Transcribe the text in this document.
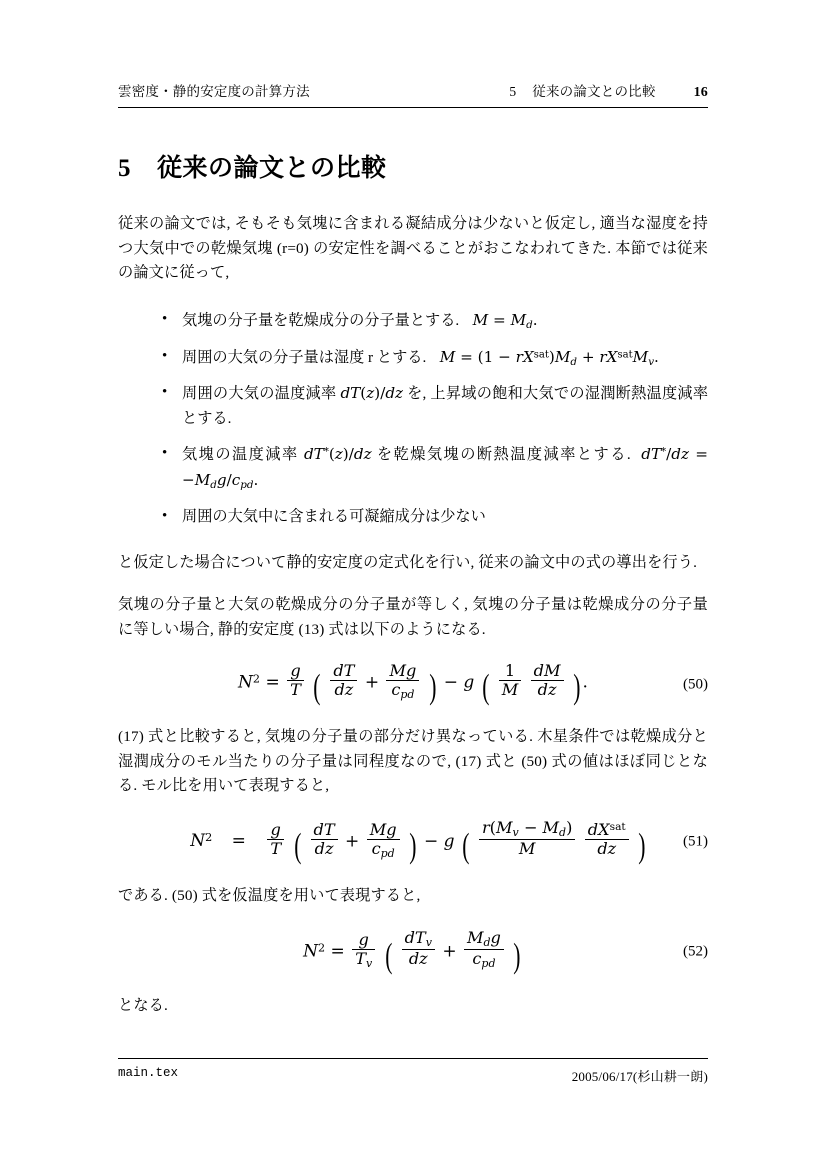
雲密度・静的安定度の計算方法	5 従来の論文との比較	16
5 従来の論文との比較

従来の論文では, そもそも気塊に含まれる凝結成分は少ないと仮定し, 適当な湿度を持つ大気中での乾燥気塊 (r=0) の安定性を調べることがおこなわれてきた. 本節では従来の論文に従って,

• 気塊の分子量を乾燥成分の分子量とする. $M = M_d$.
• 周囲の大気の分子量は湿度 r とする. $M = (1 - rX^{sat})M_d + rX^{sat}M_v$.
• 周囲の大気の温度減率 dT(z)/dz を, 上昇域の飽和大気での湿潤断熱温度減率とする.
• 気塊の温度減率 dT*(z)/dz を乾燥気塊の断熱温度減率とする.  $dT^*/dz = -M_dg/c_{pd}$.
• 周囲の大気中に含まれる可凝縮成分は少ない

と仮定した場合について静的安定度の定式化を行い, 従来の論文中の式の導出を行う.

気塊の分子量と大気の乾燥成分の分子量が等しく, 気塊の分子量は乾燥成分の分子量に等しい場合, 静的安定度 (13) 式は以下のようになる.

$N^2 = \frac{g}{T}$ ( $\frac{dT}{dz} + \frac{Mg}{c_{pd}}$ ) − g ( $\frac{1}{M}$
$\frac{dM}{dz}$ ) .	(50)

(17) 式と比較すると, 気塊の分子量の部分だけ異なっている. 木星条件では乾燥成分と湿潤成分のモル当たりの分子量は同程度なので, (17) 式と (50) 式の値はほぼ同じとなる. モル比を用いて表現すると,

$N^2 = \frac{g}{T}$ ( $\frac{dT}{dz} + \frac{Mg}{c_{pd}}$ ) − g ( $\frac{r(M_v - M_d)}{M}$
$\frac{dX^{sat}}{dz}$ ) (51)

である. (50) 式を仮温度を用いて表現すると,

$N^2 = \frac{g}{T_v}$ ( $\frac{dT_v}{dz} + \frac{M_dg}{c_{pd}}$ )	(52)

となる.

main.tex	2005/06/17(杉山耕一朗)
